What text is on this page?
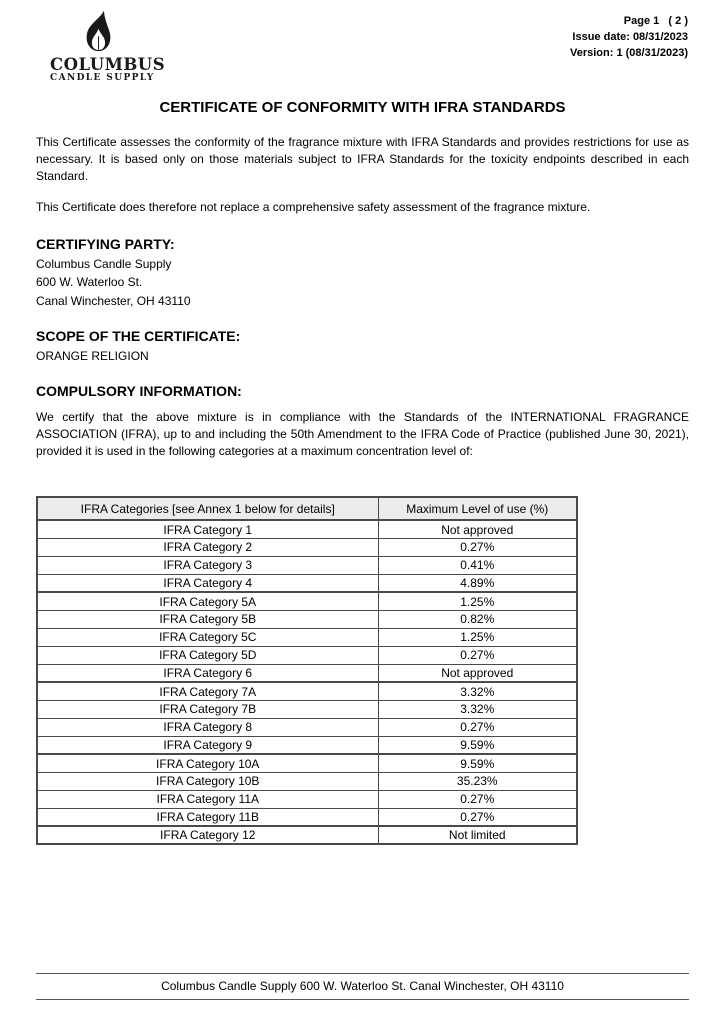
COLUMBUS
CANDLE SUPPLY
Page 1   ( 2 )
Issue date: 08/31/2023
Version: 1 (08/31/2023)
CERTIFICATE OF CONFORMITY WITH IFRA STANDARDS

This Certificate assesses the conformity of the fragrance mixture with IFRA Standards and provides restrictions for use as necessary. It is based only on those materials subject to IFRA Standards for the toxicity endpoints described in each Standard.

This Certificate does therefore not replace a comprehensive safety assessment of the fragrance mixture.

CERTIFYING PARTY:
Columbus Candle Supply
600 W. Waterloo St.
Canal Winchester, OH 43110
SCOPE OF THE CERTIFICATE:
ORANGE RELIGION
COMPULSORY INFORMATION:

We certify that the above mixture is in compliance with the Standards of the INTERNATIONAL FRAGRANCE ASSOCIATION (IFRA), up to and including the 50th Amendment to the IFRA Code of Practice (published June 30, 2021), provided it is used in the following categories at a maximum concentration level of:

IFRA Categories [see Annex 1 below for details]	Maximum Level of use (%)
IFRA Category 1	Not approved
IFRA Category 2	0.27%
IFRA Category 3	0.41%
IFRA Category 4	4.89%
IFRA Category 5A	1.25%
IFRA Category 5B	0.82%
IFRA Category 5C	1.25%
IFRA Category 5D	0.27%
IFRA Category 6	Not approved
IFRA Category 7A	3.32%
IFRA Category 7B	3.32%
IFRA Category 8	0.27%
IFRA Category 9	9.59%
IFRA Category 10A	9.59%
IFRA Category 10B	35.23%
IFRA Category 11A	0.27%
IFRA Category 11B	0.27%
IFRA Category 12	Not limited
Columbus Candle Supply 600 W. Waterloo St. Canal Winchester, OH 43110
